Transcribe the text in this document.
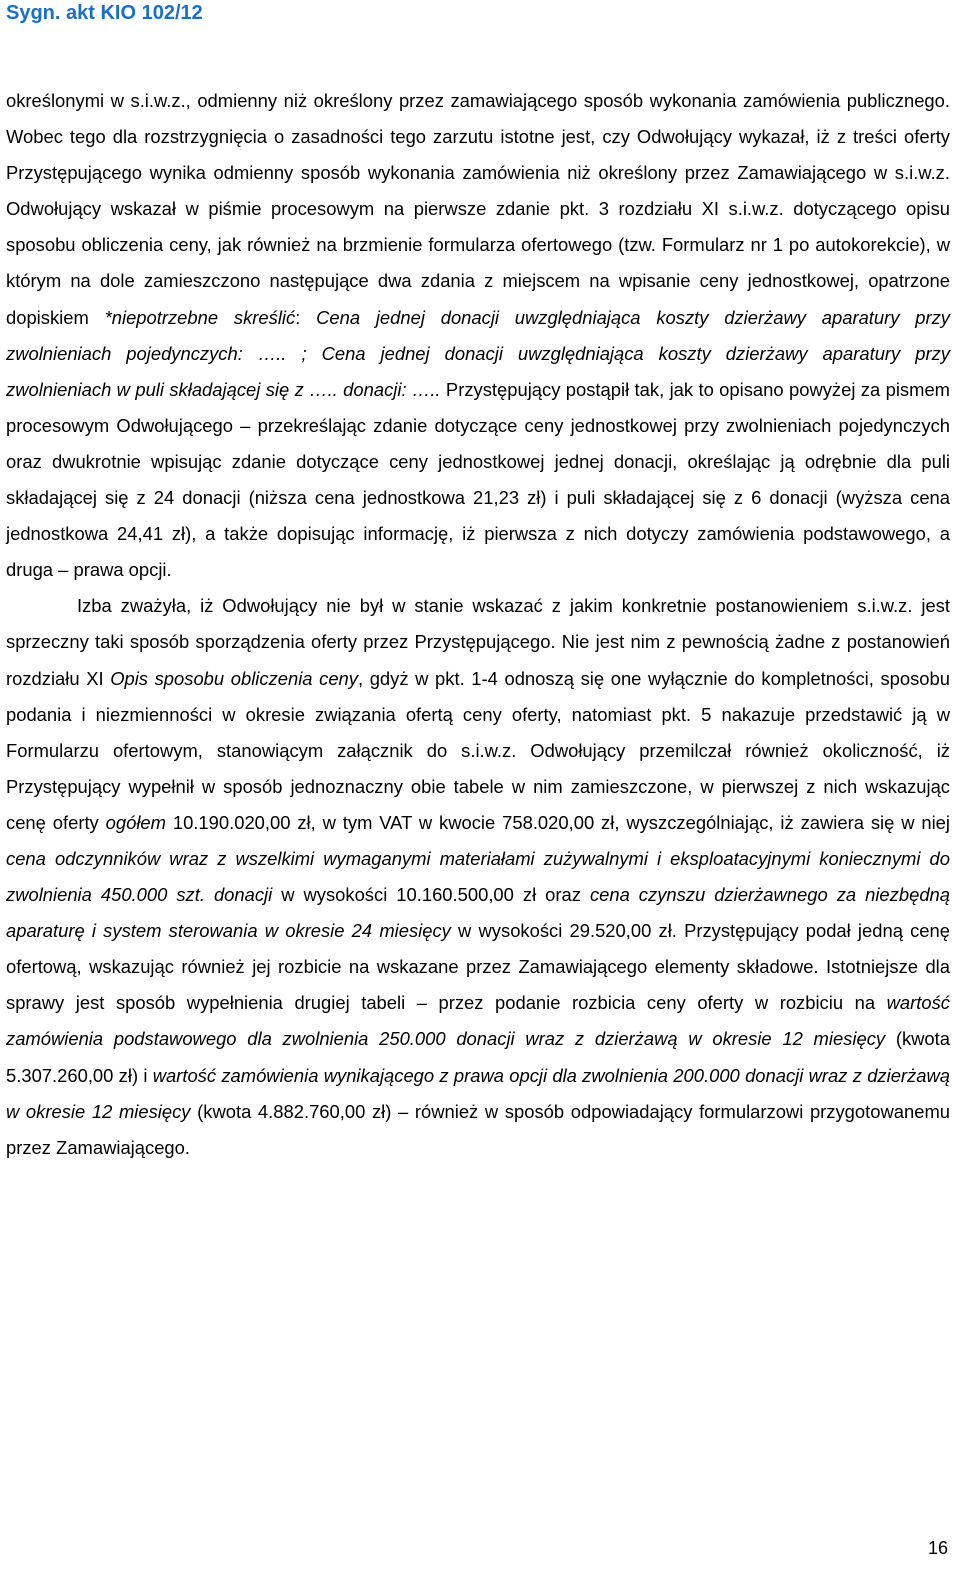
Sygn. akt KIO 102/12

określonymi w s.i.w.z., odmienny niż określony przez zamawiającego sposób wykonania zamówienia publicznego. Wobec tego dla rozstrzygnięcia o zasadności tego zarzutu istotne jest, czy Odwołujący wykazał, iż z treści oferty Przystępującego wynika odmienny sposób wykonania zamówienia niż określony przez Zamawiającego w s.i.w.z. Odwołujący wskazał w piśmie procesowym na pierwsze zdanie pkt. 3 rozdziału XI s.i.w.z. dotyczącego opisu sposobu obliczenia ceny, jak również na brzmienie formularza ofertowego (tzw. Formularz nr 1 po autokorekcie), w którym na dole zamieszczono następujące dwa zdania z miejscem na wpisanie ceny jednostkowej, opatrzone dopiskiem *niepotrzebne skreślić: Cena jednej donacji uwzględniająca koszty dzierżawy aparatury przy zwolnieniach pojedynczych: ….. ; Cena jednej donacji uwzględniająca koszty dzierżawy aparatury przy zwolnieniach w puli składającej się z ….. donacji: ….. Przystępujący postąpił tak, jak to opisano powyżej za pismem procesowym Odwołującego – przekreślając zdanie dotyczące ceny jednostkowej przy zwolnieniach pojedynczych oraz dwukrotnie wpisując zdanie dotyczące ceny jednostkowej jednej donacji, określając ją odrębnie dla puli składającej się z 24 donacji (niższa cena jednostkowa 21,23 zł) i puli składającej się z 6 donacji (wyższa cena jednostkowa 24,41 zł), a także dopisując informację, iż pierwsza z nich dotyczy zamówienia podstawowego, a druga – prawa opcji.

Izba zważyła, iż Odwołujący nie był w stanie wskazać z jakim konkretnie postanowieniem s.i.w.z. jest sprzeczny taki sposób sporządzenia oferty przez Przystępującego. Nie jest nim z pewnością żadne z postanowień rozdziału XI Opis sposobu obliczenia ceny, gdyż w pkt. 1-4 odnoszą się one wyłącznie do kompletności, sposobu podania i niezmienności w okresie związania ofertą ceny oferty, natomiast pkt. 5 nakazuje przedstawić ją w Formularzu ofertowym, stanowiącym załącznik do s.i.w.z. Odwołujący przemilczał również okoliczność, iż Przystępujący wypełnił w sposób jednoznaczny obie tabele w nim zamieszczone, w pierwszej z nich wskazując cenę oferty ogółem 10.190.020,00 zł, w tym VAT w kwocie 758.020,00 zł, wyszczególniając, iż zawiera się w niej cena odczynników wraz z wszelkimi wymaganymi materiałami zużywalnymi i eksploatacyjnymi koniecznymi do zwolnienia 450.000 szt. donacji w wysokości 10.160.500,00 zł oraz cena czynszu dzierżawnego za niezbędną aparaturę i system sterowania w okresie 24 miesięcy w wysokości 29.520,00 zł. Przystępujący podał jedną cenę ofertową, wskazując również jej rozbicie na wskazane przez Zamawiającego elementy składowe. Istotniejsze dla sprawy jest sposób wypełnienia drugiej tabeli – przez podanie rozbicia ceny oferty w rozbiciu na wartość zamówienia podstawowego dla zwolnienia 250.000 donacji wraz z dzierżawą w okresie 12 miesięcy (kwota 5.307.260,00 zł) i wartość zamówienia wynikającego z prawa opcji dla zwolnienia 200.000 donacji wraz z dzierżawą w okresie 12 miesięcy (kwota 4.882.760,00 zł) – również w sposób odpowiadający formularzowi przygotowanemu przez Zamawiającego.

16
